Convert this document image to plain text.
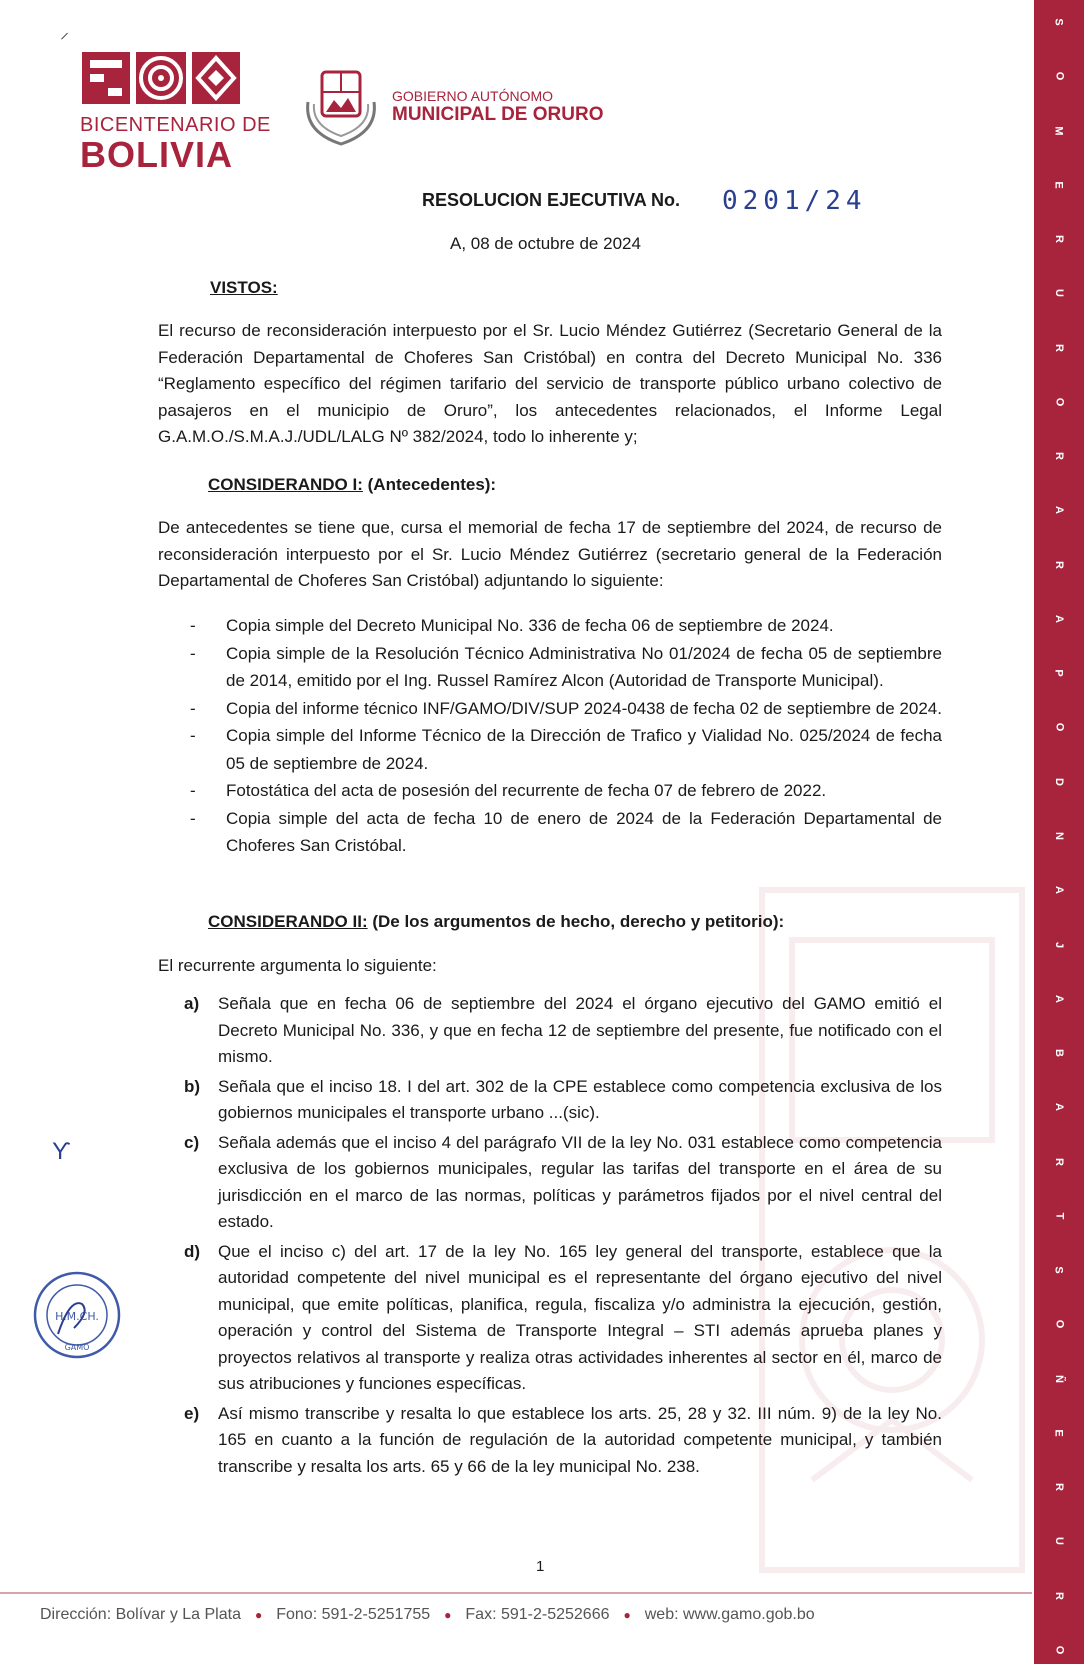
⸝
BICENTENARIO DE
BOLIVIA
GOBIERNO AUTÓNOMO
MUNICIPAL DE ORURO
RESOLUCION EJECUTIVA No. 0201/24
A, 08 de octubre de 2024
VISTOS:
El recurso de reconsideración interpuesto por el Sr. Lucio Méndez Gutiérrez (Secretario General de la Federación Departamental de Choferes San Cristóbal) en contra del Decreto Municipal No. 336 “Reglamento específico del régimen tarifario del servicio de transporte público urbano colectivo de pasajeros en el municipio de Oruro”, los antecedentes relacionados, el Informe Legal G.A.M.O./S.M.A.J./UDL/LALG Nº 382/2024, todo lo inherente y;
CONSIDERANDO I: (Antecedentes):
De antecedentes se tiene que, cursa el memorial de fecha 17 de septiembre del 2024, de recurso de reconsideración interpuesto por el Sr. Lucio Méndez Gutiérrez (secretario general de la Federación Departamental de Choferes San Cristóbal) adjuntando lo siguiente:
-	Copia simple del Decreto Municipal No. 336 de fecha 06 de septiembre de 2024.
-	Copia simple de la Resolución Técnico Administrativa No 01/2024 de fecha 05 de septiembre de 2014, emitido por el Ing. Russel Ramírez Alcon (Autoridad de Transporte Municipal).
-	Copia del informe técnico INF/GAMO/DIV/SUP 2024-0438 de fecha 02 de septiembre de 2024.
-	Copia simple del Informe Técnico de la Dirección de Trafico y Vialidad No. 025/2024 de fecha 05 de septiembre de 2024.
-	Fotostática del acta de posesión del recurrente de fecha 07 de febrero de 2022.
-	Copia simple del acta de fecha 10 de enero de 2024 de la Federación Departamental de Choferes San Cristóbal.
CONSIDERANDO II: (De los argumentos de hecho, derecho y petitorio):
El recurrente argumenta lo siguiente:
a)	Señala que en fecha 06 de septiembre del 2024 el órgano ejecutivo del GAMO emitió el Decreto Municipal No. 336, y que en fecha 12 de septiembre del presente, fue notificado con el mismo.
b)	Señala que el inciso 18. I del art. 302 de la CPE establece como competencia exclusiva de los gobiernos municipales el transporte urbano ...(sic).
c)	Señala además que el inciso 4 del parágrafo VII de la ley No. 031 establece como competencia exclusiva de los gobiernos municipales, regular las tarifas del transporte en el área de su jurisdicción en el marco de las normas, políticas y parámetros fijados por el nivel central del estado.
d)	Que el inciso c) del art. 17 de la ley No. 165 ley general del transporte, establece que la autoridad competente del nivel municipal es el representante del órgano ejecutivo del nivel municipal, que emite políticas, planifica, regula, fiscaliza y/o administra la ejecución, gestión, operación y control del Sistema de Transporte Integral – STI además aprueba planes y proyectos relativos al transporte y realiza otras actividades inherentes al sector en él, marco de sus atribuciones y funciones específicas.
e)	Así mismo transcribe y resalta lo que establece los arts. 25, 28 y 32. III núm. 9) de la ley No. 165 en cuanto a la función de regulación de la autoridad competente municipal, y también transcribe y resalta los arts. 65 y 66 de la ley municipal No. 238.
ϒ
H.M.CH.
GAMO
S
O
M
E
R
U
R
O
R
A
R
A
P
O
D
N
A
J
A
B
A
R
T
S
O
Ñ
E
R
U
R
O
1
Dirección: Bolívar y La Plata ● Fono: 591-2-5251755 ● Fax: 591-2-5252666 ● web: www.gamo.gob.bo
